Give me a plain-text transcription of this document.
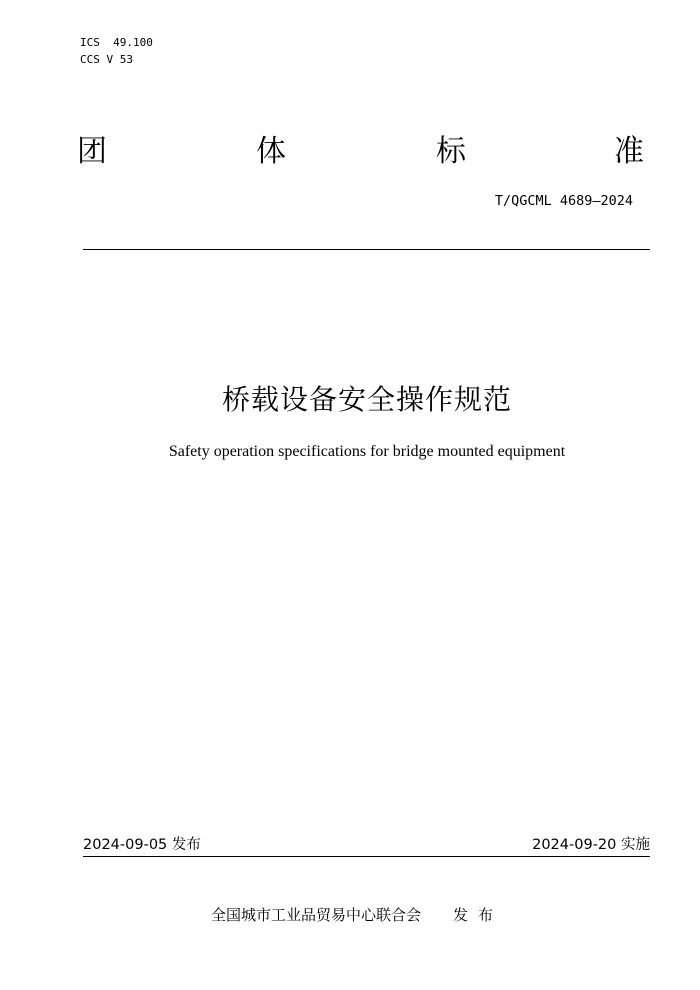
ICS  49.100
CCS V 53
团	体	标	准
T/QGCML 4689—2024
桥载设备安全操作规范
Safety operation specifications for bridge mounted equipment
2024-09-05 发布	2024-09-20 实施
全国城市工业品贸易中心联合会 发布
